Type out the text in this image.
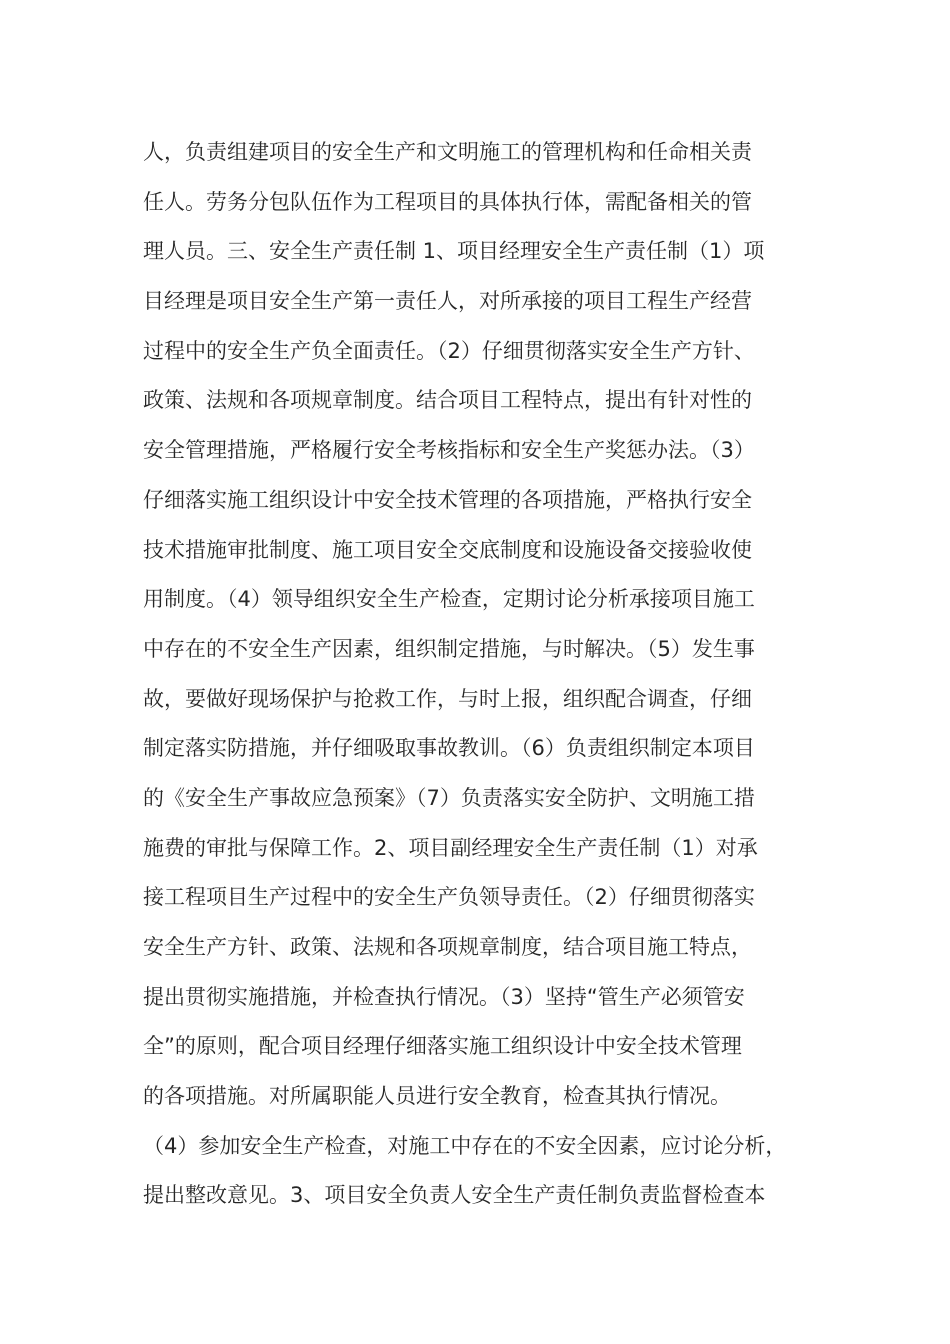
人，负责组建项目的安全生产和文明施工的管理机构和任命相关责
任人。劳务分包队伍作为工程项目的具体执行体，需配备相关的管
理人员。三、安全生产责任制 1、项目经理安全生产责任制（1）项
目经理是项目安全生产第一责任人，对所承接的项目工程生产经营
过程中的安全生产负全面责任。（2）仔细贯彻落实安全生产方针、
政策、法规和各项规章制度。结合项目工程特点，提出有针对性的
安全管理措施，严格履行安全考核指标和安全生产奖惩办法。（3）
仔细落实施工组织设计中安全技术管理的各项措施，严格执行安全
技术措施审批制度、施工项目安全交底制度和设施设备交接验收使
用制度。（4）领导组织安全生产检查，定期讨论分析承接项目施工
中存在的不安全生产因素，组织制定措施，与时解决。（5）发生事
故，要做好现场保护与抢救工作，与时上报，组织配合调查，仔细
制定落实防措施，并仔细吸取事故教训。（6）负责组织制定本项目
的《安全生产事故应急预案》（7）负责落实安全防护、文明施工措
施费的审批与保障工作。2、项目副经理安全生产责任制（1）对承
接工程项目生产过程中的安全生产负领导责任。（2）仔细贯彻落实
安全生产方针、政策、法规和各项规章制度，结合项目施工特点，
提出贯彻实施措施，并检查执行情况。（3）坚持“管生产必须管安
全”的原则，配合项目经理仔细落实施工组织设计中安全技术管理
的各项措施。对所属职能人员进行安全教育，检查其执行情况。
（4）参加安全生产检查，对施工中存在的不安全因素，应讨论分析，
提出整改意见。3、项目安全负责人安全生产责任制负责监督检查本
